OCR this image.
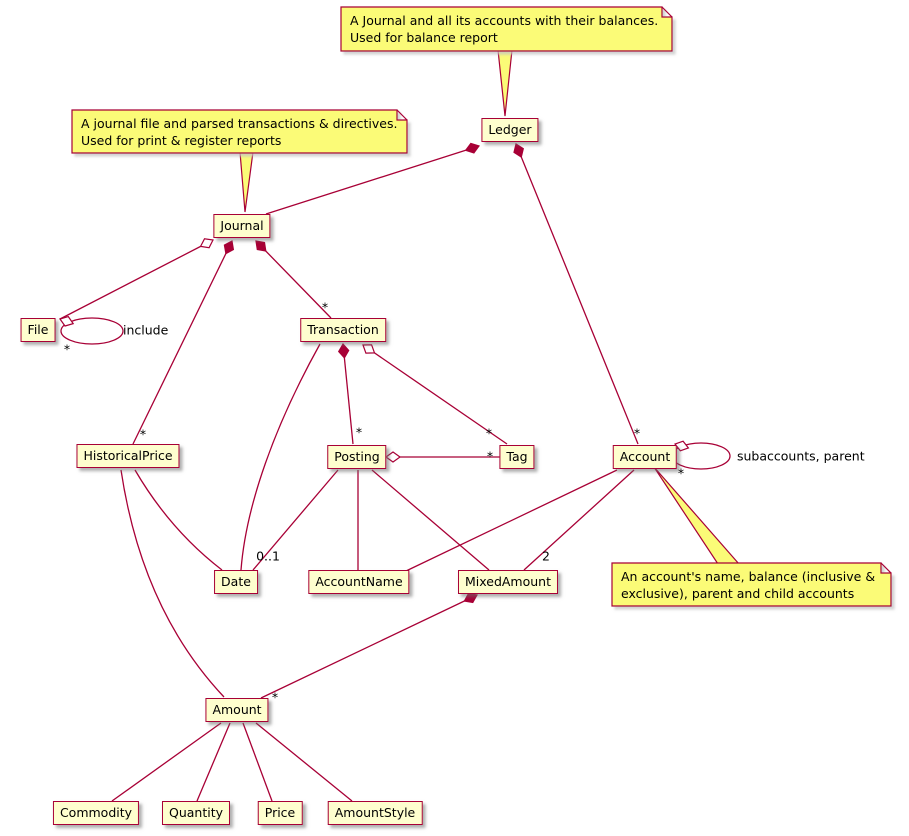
Ledger
Journal
File	Transaction
HistoricalPrice	Posting	Tag	Account
Date	AccountName	MixedAmount
Amount
Commodity	Quantity	Price	AmountStyle
A Journal and all its accounts with their balances.
Used for balance report
A journal file and parsed transactions & directives.
Used for print & register reports
An account's name, balance (inclusive &
exclusive), parent and child accounts
*
include
*
*	*	*
*
*
*
subaccounts, parent
0..1	2
*
